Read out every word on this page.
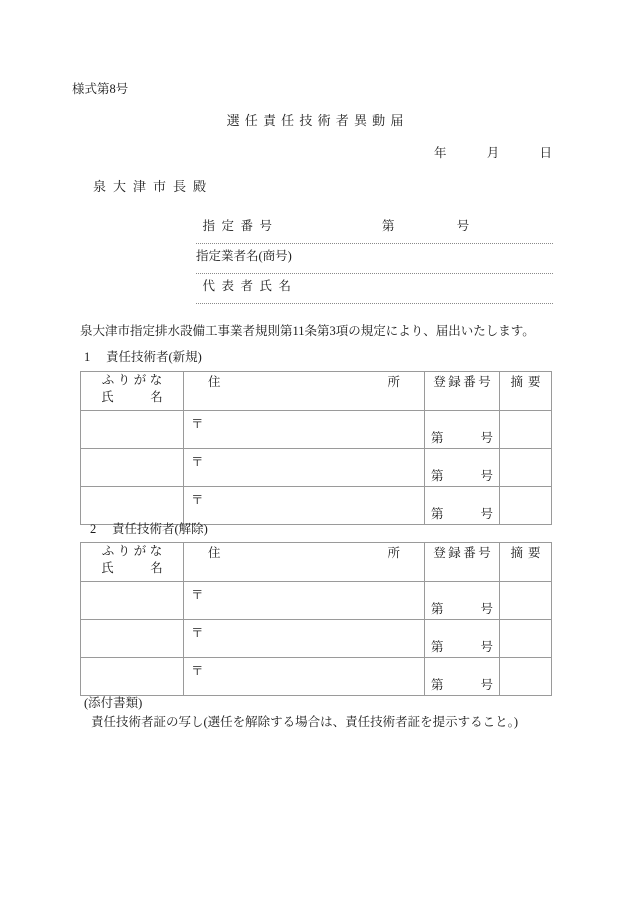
様式第8号
選任責任技術者異動届
年	月	日
泉大津市長殿
指定番号	第	号
指定業者名(商号)
代表者氏名
泉大津市指定排水設備工事業者規則第11条第3項の規定により、届出いたします。
1 責任技術者(新規)
ふりがな
氏　名	住 所	登録番号	摘要

	〒	第 号	

	〒	第 号	

	〒	第 号	

2 責任技術者(解除)
ふりがな
氏　名	住 所	登録番号	摘要

	〒	第 号	

	〒	第 号	

	〒	第 号	

(添付書類)
責任技術者証の写し(選任を解除する場合は、責任技術者証を提示すること。)
